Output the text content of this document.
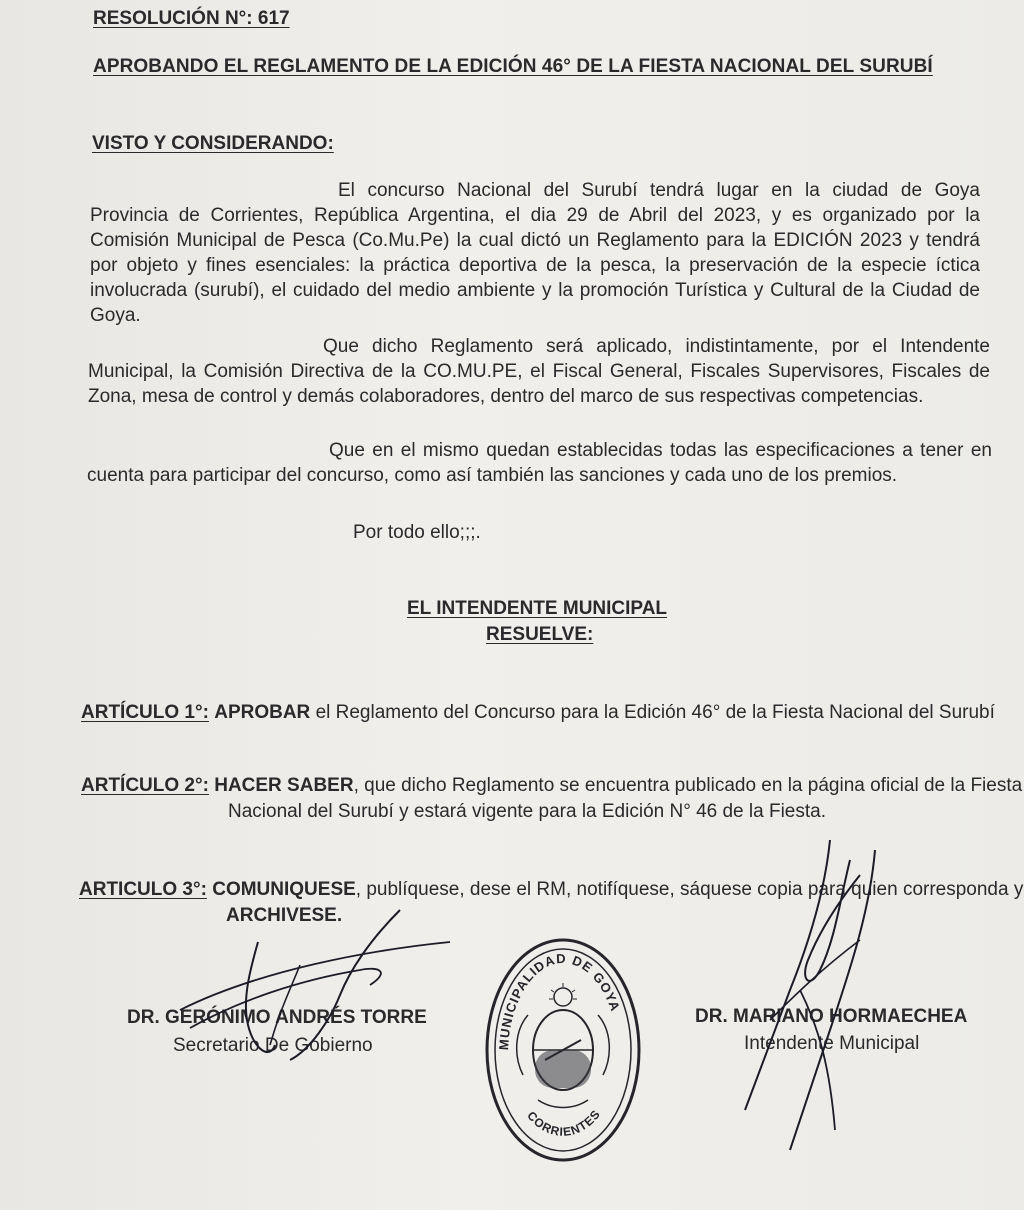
RESOLUCIÓN N°: 617
APROBANDO EL REGLAMENTO DE LA EDICIÓN 46° DE LA FIESTA NACIONAL DEL SURUBÍ
VISTO Y CONSIDERANDO:
El concurso Nacional del Surubí tendrá lugar en la ciudad de Goya
Provincia de Corrientes, República Argentina, el dia 29 de Abril del 2023, y es organizado por la
Comisión Municipal de Pesca (Co.Mu.Pe) la cual dictó un Reglamento para la EDICIÓN 2023 y tendrá
por objeto y fines esenciales: la práctica deportiva de la pesca, la preservación de la especie íctica
involucrada (surubí), el cuidado del medio ambiente y la promoción Turística y Cultural de la Ciudad de
Goya.
Que dicho Reglamento será aplicado, indistintamente, por el Intendente
Municipal, la Comisión Directiva de la CO.MU.PE, el Fiscal General, Fiscales Supervisores, Fiscales de
Zona, mesa de control y demás colaboradores, dentro del marco de sus respectivas competencias.
Que en el mismo quedan establecidas todas las especificaciones a tener en
cuenta para participar del concurso, como así también las sanciones y cada uno de los premios.
Por todo ello;;;.
EL INTENDENTE MUNICIPAL
RESUELVE:
ARTÍCULO 1°: APROBAR el Reglamento del Concurso para la Edición 46° de la Fiesta Nacional del Surubí
ARTÍCULO 2°: HACER SABER, que dicho Reglamento se encuentra publicado en la página oficial de la Fiesta
Nacional del Surubí y estará vigente para la Edición N° 46 de la Fiesta.
ARTICULO 3°: COMUNIQUESE, publíquese, dese el RM, notifíquese, sáquese copia para quien corresponda y
ARCHIVESE.
DR. GERÓNIMO ANDRÉS TORRE
Secretario De Gobierno
DR. MARIANO HORMAECHEA
Intendente Municipal
MUNICIPALIDAD DE GOYA
CORRIENTES
